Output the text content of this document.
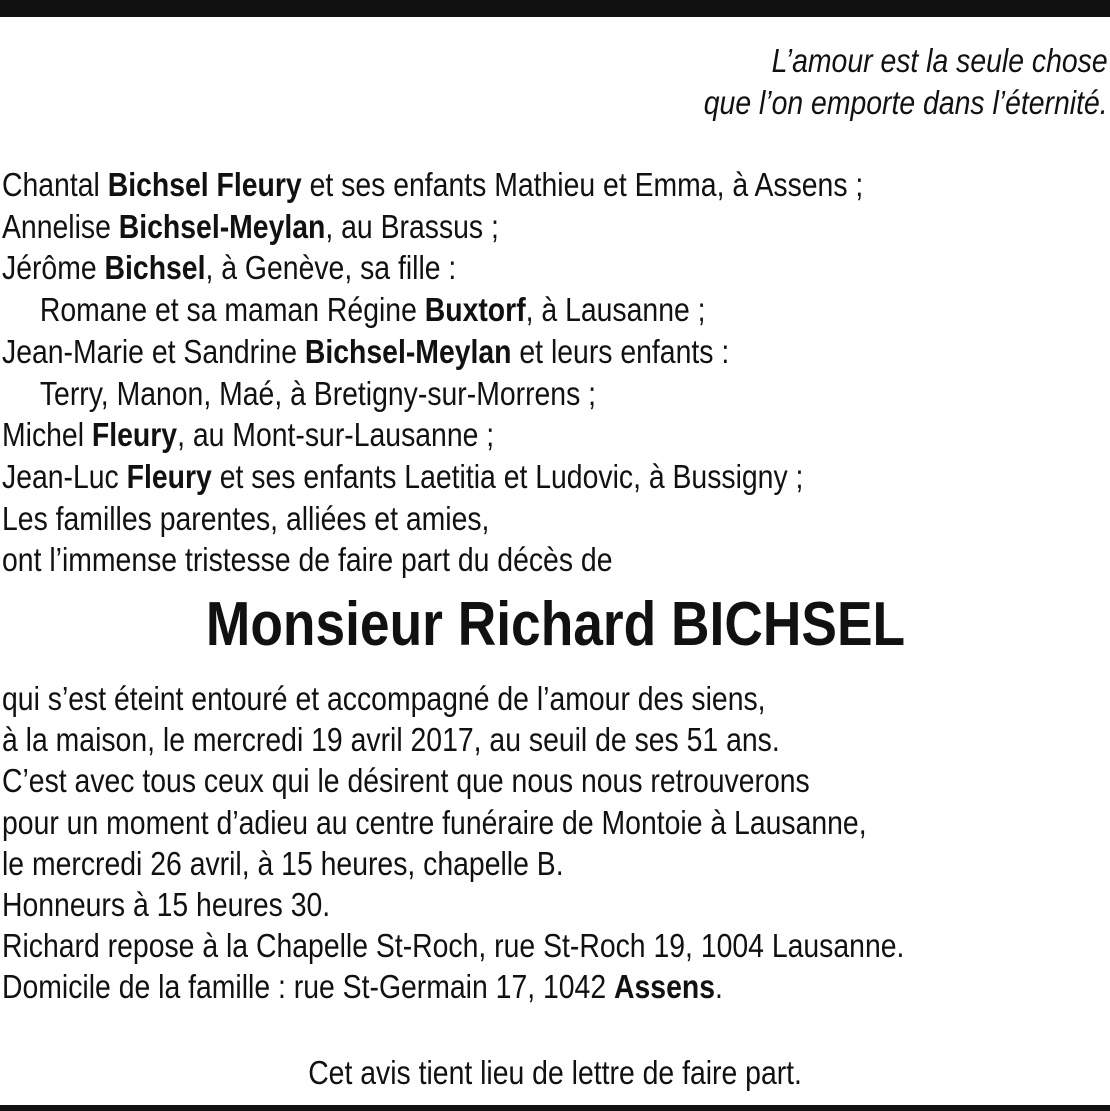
L’amour est la seule chose
que l’on emporte dans l’éternité.
Chantal Bichsel Fleury et ses enfants Mathieu et Emma, à Assens ;
Annelise Bichsel-Meylan, au Brassus ;
Jérôme Bichsel, à Genève, sa fille :
Romane et sa maman Régine Buxtorf, à Lausanne ;
Jean-Marie et Sandrine Bichsel-Meylan et leurs enfants :
Terry, Manon, Maé, à Bretigny-sur-Morrens ;
Michel Fleury, au Mont-sur-Lausanne ;
Jean-Luc Fleury et ses enfants Laetitia et Ludovic, à Bussigny ;
Les familles parentes, alliées et amies,
ont l’immense tristesse de faire part du décès de
Monsieur Richard BICHSEL
qui s’est éteint entouré et accompagné de l’amour des siens,
à la maison, le mercredi 19 avril 2017, au seuil de ses 51 ans.
C’est avec tous ceux qui le désirent que nous nous retrouverons
pour un moment d’adieu au centre funéraire de Montoie à Lausanne,
le mercredi 26 avril, à 15 heures, chapelle B.
Honneurs à 15 heures 30.
Richard repose à la Chapelle St-Roch, rue St-Roch 19, 1004 Lausanne.
Domicile de la famille : rue St-Germain 17, 1042 Assens.
Cet avis tient lieu de lettre de faire part.
